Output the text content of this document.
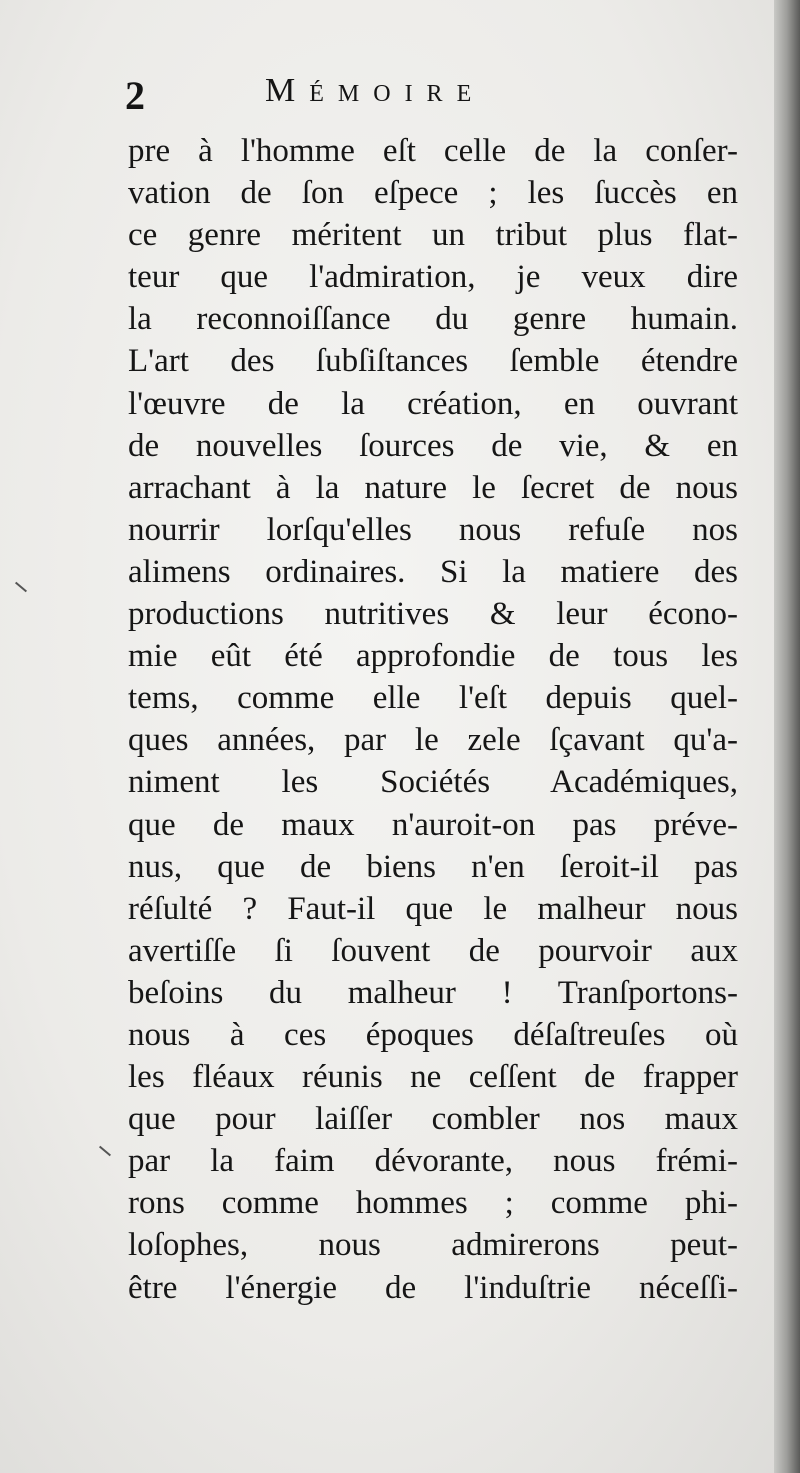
2	Mémoire
pre à l'homme eſt celle de la conſer-
vation de ſon eſpece ; les ſuccès en
ce genre méritent un tribut plus flat-
teur que l'admiration, je veux dire
la reconnoiſſance du genre humain.
L'art des ſubſiſtances ſemble étendre
l'œuvre de la création, en ouvrant
de nouvelles ſources de vie, & en
arrachant à la nature le ſecret de nous
nourrir lorſqu'elles nous refuſe nos
alimens ordinaires. Si la matiere des
productions nutritives & leur écono-
mie eût été approfondie de tous les
tems, comme elle l'eſt depuis quel-
ques années, par le zele ſçavant qu'a-
niment les Sociétés Académiques,
que de maux n'auroit-on pas préve-
nus, que de biens n'en ſeroit-il pas
réſulté ? Faut-il que le malheur nous
avertiſſe ſi ſouvent de pourvoir aux
beſoins du malheur ! Tranſportons-
nous à ces époques déſaſtreuſes où
les fléaux réunis ne ceſſent de frapper
que pour laiſſer combler nos maux
par la faim dévorante, nous frémi-
rons comme hommes ; comme phi-
loſophes, nous admirerons peut-
être l'énergie de l'induſtrie néceſſi-
